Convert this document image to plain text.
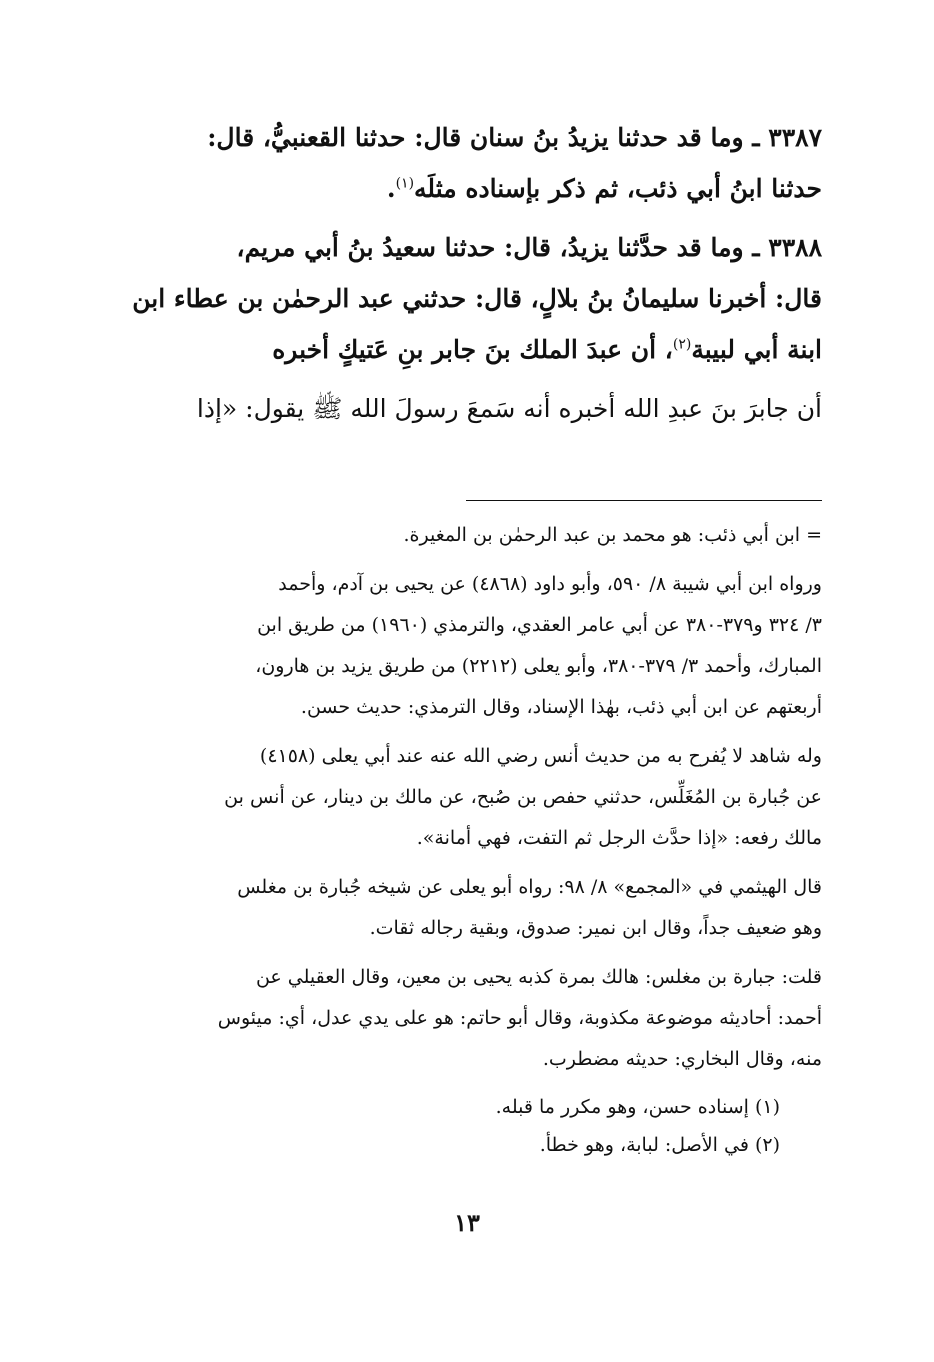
٣٣٨٧ ـ وما قد حدثنا يزيدُ بنُ سنان قال: حدثنا القعنبيُّ، قال:
حدثنا ابنُ أبي ذئب، ثم ذكر بإسناده مثلَه$^{(١)}$.

٣٣٨٨ ـ وما قد حدَّثنا يزيدُ، قال: حدثنا سعيدُ بنُ أبي مريم،
قال: أخبرنا سليمانُ بنُ بلالٍ، قال: حدثني عبد الرحمٰن بن عطاء ابن
ابنة أبي لبيبة$^{(٢)}$، أن عبدَ الملك بنَ جابر بنِ عَتيكٍ أخبره

أن جابرَ بنَ عبدِ الله أخبره أنه سَمعَ رسولَ الله ﷺ يقول: «إذا

= ابن أبي ذئب: هو محمد بن عبد الرحمٰن بن المغيرة.

ورواه ابن أبي شيبة ٨/ ٥٩٠، وأبو داود (٤٨٦٨) عن يحيى بن آدم، وأحمد
٣/ ٣٢٤ و٣٧٩-٣٨٠ عن أبي عامر العقدي، والترمذي (١٩٦٠) من طريق ابن
المبارك، وأحمد ٣/ ٣٧٩-٣٨٠، وأبو يعلى (٢٢١٢) من طريق يزيد بن هارون،
أربعتهم عن ابن أبي ذئب، بهٰذا الإسناد، وقال الترمذي: حديث حسن.

وله شاهد لا يُفرح به من حديث أنس رضي الله عنه عند أبي يعلى (٤١٥٨)
عن جُبارة بن المُغَلِّس، حدثني حفص بن صُبح، عن مالك بن دينار، عن أنس بن
مالك رفعه: «إذا حدَّث الرجل ثم التفت، فهي أمانة».

قال الهيثمي في «المجمع» ٨/ ٩٨: رواه أبو يعلى عن شيخه جُبارة بن مغلس
وهو ضعيف جداً، وقال ابن نمير: صدوق، وبقية رجاله ثقات.

قلت: جبارة بن مغلس: هالك بمرة كذبه يحيى بن معين، وقال العقيلي عن
أحمد: أحاديثه موضوعة مكذوبة، وقال أبو حاتم: هو على يدي عدل، أي: ميئوس
منه، وقال البخاري: حديثه مضطرب.

(١) إسناده حسن، وهو مكرر ما قبله.

(٢) في الأصل: لبابة، وهو خطأ.

١٣
